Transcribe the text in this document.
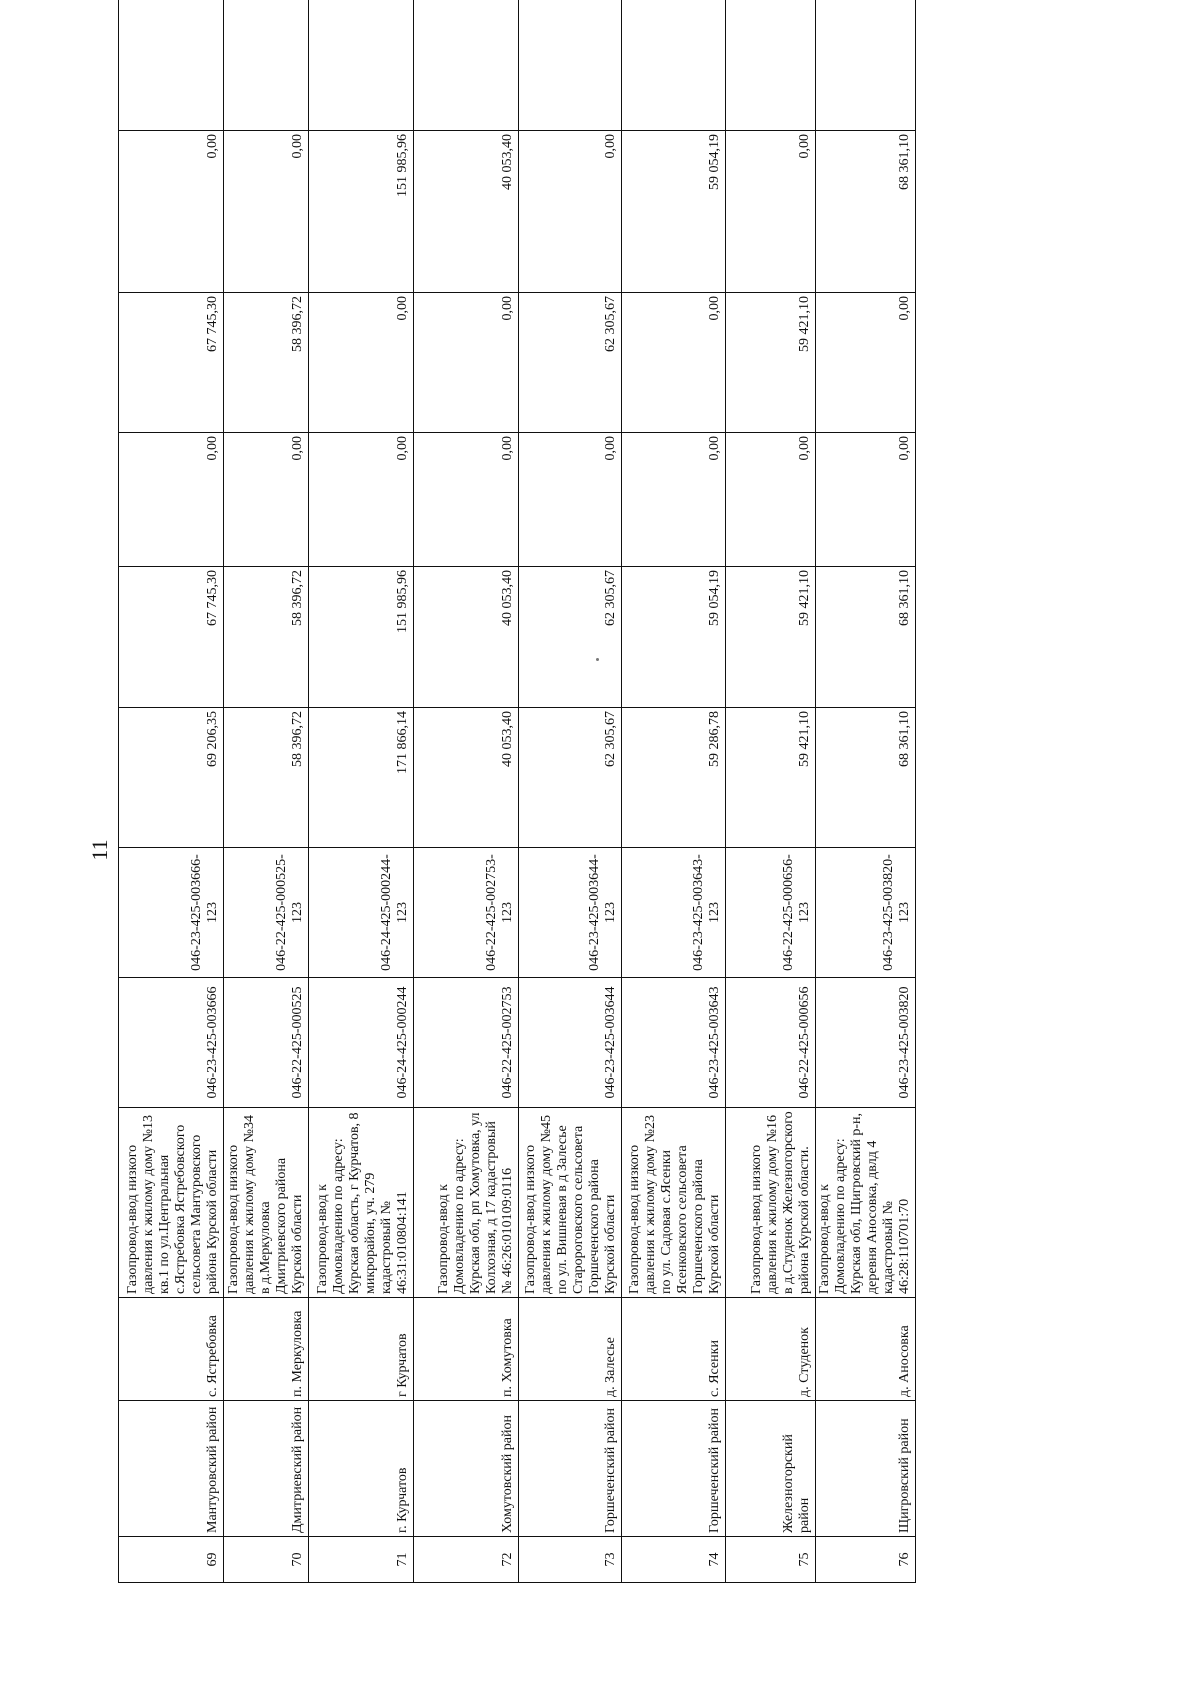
11
69	Мантуровский район	с. Ястребовка	Газопровод-ввод низкого давления к жилому дому №13 кв.1 по ул.Центральная с.Ястребовка Ястребовского сельсовета Мантуровского района Курской области	046-23-425-003666	046-23-425-003666-123	69 206,35	67 745,30	0,00	67 745,30	0,00	
70	Дмитриевский район	п. Меркуловка	Газопровод-ввод низкого давления к жилому дому №34 в д.Меркуловка Дмитриевского района Курской области	046-22-425-000525	046-22-425-000525-123	58 396,72	58 396,72	0,00	58 396,72	0,00	
71	г. Курчатов	г Курчатов	Газопровод-ввод к Домовладению по адресу: Курская область, г Курчатов, 8 микрорайон, уч. 279 кадастровый № 46:31:010804:141	046-24-425-000244	046-24-425-000244-123	171 866,14	151 985,96	0,00	0,00	151 985,96	
72	Хомутовский район	п. Хомутовка	Газопровод-ввод к Домовладению по адресу: Курская обл, рп Хомутовка, ул Колхозная, д 17 кадастровый № 46:26:010109:0116	046-22-425-002753	046-22-425-002753-123	40 053,40	40 053,40	0,00	0,00	40 053,40	
73	Горшеченский район	д. Залесье	Газопровод-ввод низкого давления к жилому дому №45 по ул. Вишневая в д Залесье Старороговского сельсовета Горшеченского района Курской области	046-23-425-003644	046-23-425-003644-123	62 305,67	62 305,67	0,00	62 305,67	0,00	
74	Горшеченский район	с. Ясенки	Газопровод-ввод низкого давления к жилому дому №23 по ул. Садовая с.Ясенки Ясенковского сельсовета Горшеченского района Курской области	046-23-425-003643	046-23-425-003643-123	59 286,78	59 054,19	0,00	0,00	59 054,19	
75	Железногорский район	д. Студенок	Газопровод-ввод низкого давления к жилому дому №16 в д.Студенок Железногорского района Курской области.	046-22-425-000656	046-22-425-000656-123	59 421,10	59 421,10	0,00	59 421,10	0,00	
76	Щигровский район	д. Аносовка	Газопровод-ввод к Домовладению по адресу: Курская обл, Щигровский р-н, деревня Аносовка, двлд 4 кадастровый № 46:28:110701:70	046-23-425-003820	046-23-425-003820-123	68 361,10	68 361,10	0,00	0,00	68 361,10	
